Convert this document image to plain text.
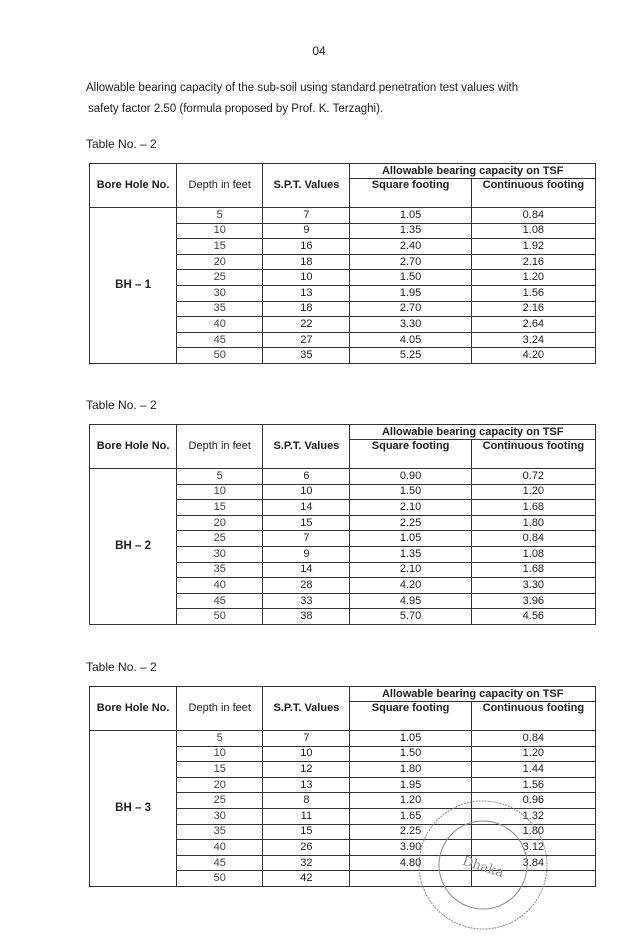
04

Allowable bearing capacity of the sub-soil using standard penetration test values with

safety factor 2.50 (formula proposed by Prof. K. Terzaghi).

Table No. – 2
Bore Hole No.	Depth in feet	S.P.T. Values	Allowable bearing capacity on TSF	
			Square footing	Continuous footing
BH – 1	5	7	1.05	0.84
	10	9	1.35	1.08
	15	16	2.40	1.92
	20	18	2.70	2.16
	25	10	1.50	1.20
	30	13	1.95	1.56
	35	18	2.70	2.16
	40	22	3.30	2.64
	45	27	4.05	3.24
	50	35	5.25	4.20
Table No. – 2
Bore Hole No.	Depth in feet	S.P.T. Values	Allowable bearing capacity on TSF	
			Square footing	Continuous footing
BH – 2	5	6	0.90	0.72
	10	10	1.50	1.20
	15	14	2.10	1.68
	20	15	2.25	1.80
	25	7	1.05	0.84
	30	9	1.35	1.08
	35	14	2.10	1.68
	40	28	4.20	3.30
	45	33	4.95	3.96
	50	38	5.70	4.56
Table No. – 2
Bore Hole No.	Depth in feet	S.P.T. Values	Allowable bearing capacity on TSF	
			Square footing	Continuous footing
BH – 3	5	7	1.05	0.84
	10	10	1.50	1.20
	15	12	1.80	1.44
	20	13	1.95	1.56
	25	8	1.20	0.96
	30	11	1.65	1.32
	35	15	2.25	1.80
	40	26	3.90	3.12
	45	32	4.80	3.84
	50	42			Dhaka
